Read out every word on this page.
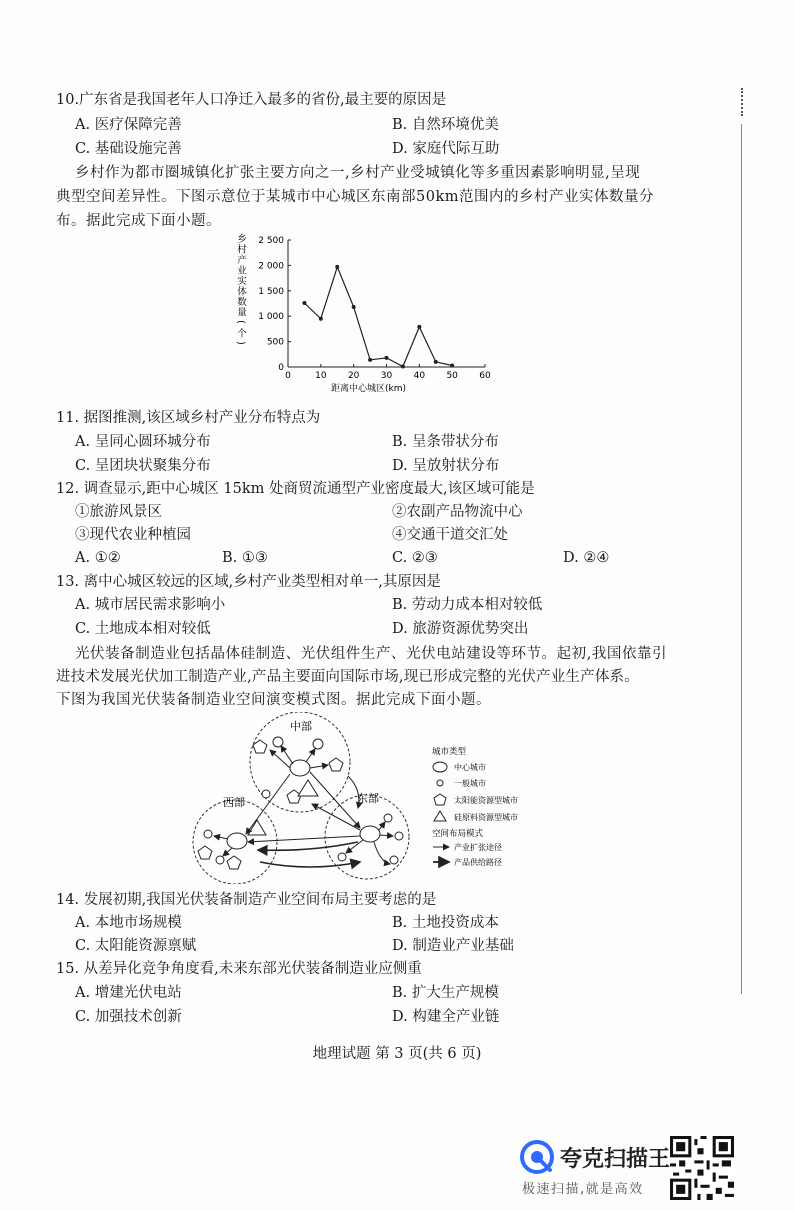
10.广东省是我国老年人口净迁入最多的省份,最主要的原因是
A. 医疗保障完善	B. 自然环境优美
C. 基础设施完善	D. 家庭代际互助
乡村作为都市圈城镇化扩张主要方向之一,乡村产业受城镇化等多重因素影响明显,呈现
典型空间差异性。下图示意位于某城市中心城区东南部50km范围内的乡村产业实体数量分
布。据此完成下面小题。
0
500
1 000
1 500
2 000
2 500
0	10 20 30 40 50 60
距离中心城区(km)
乡
村
产
业
实
体
数
量
(
个
)
11. 据图推测,该区域乡村产业分布特点为
A. 呈同心圆环城分布	B. 呈条带状分布
C. 呈团块状聚集分布	D. 呈放射状分布
12. 调查显示,距中心城区 15km 处商贸流通型产业密度最大,该区域可能是
①旅游风景区	②农副产品物流中心
③现代农业种植园	④交通干道交汇处
A. ①②	B. ①③	C. ②③	D. ②④
13. 离中心城区较远的区域,乡村产业类型相对单一,其原因是
A. 城市居民需求影响小	B. 劳动力成本相对较低
C. 土地成本相对较低	D. 旅游资源优势突出
光伏装备制造业包括晶体硅制造、光伏组件生产、光伏电站建设等环节。起初,我国依靠引
进技术发展光伏加工制造产业,产品主要面向国际市场,现已形成完整的光伏产业生产体系。
下图为我国光伏装备制造业空间演变模式图。据此完成下面小题。
中部
西部	东部
城市类型
中心城市
一般城市
太阳能资源型城市
硅原料资源型城市
空间布局模式
产业扩张途径
产品供给路径
14. 发展初期,我国光伏装备制造产业空间布局主要考虑的是
A. 本地市场规模	B. 土地投资成本
C. 太阳能资源禀赋	D. 制造业产业基础
15. 从差异化竞争角度看,未来东部光伏装备制造业应侧重
A. 增建光伏电站	B. 扩大生产规模
C. 加强技术创新	D. 构建全产业链
地理试题 第 3 页(共 6 页)
夸克扫描王
极速扫描,就是高效
